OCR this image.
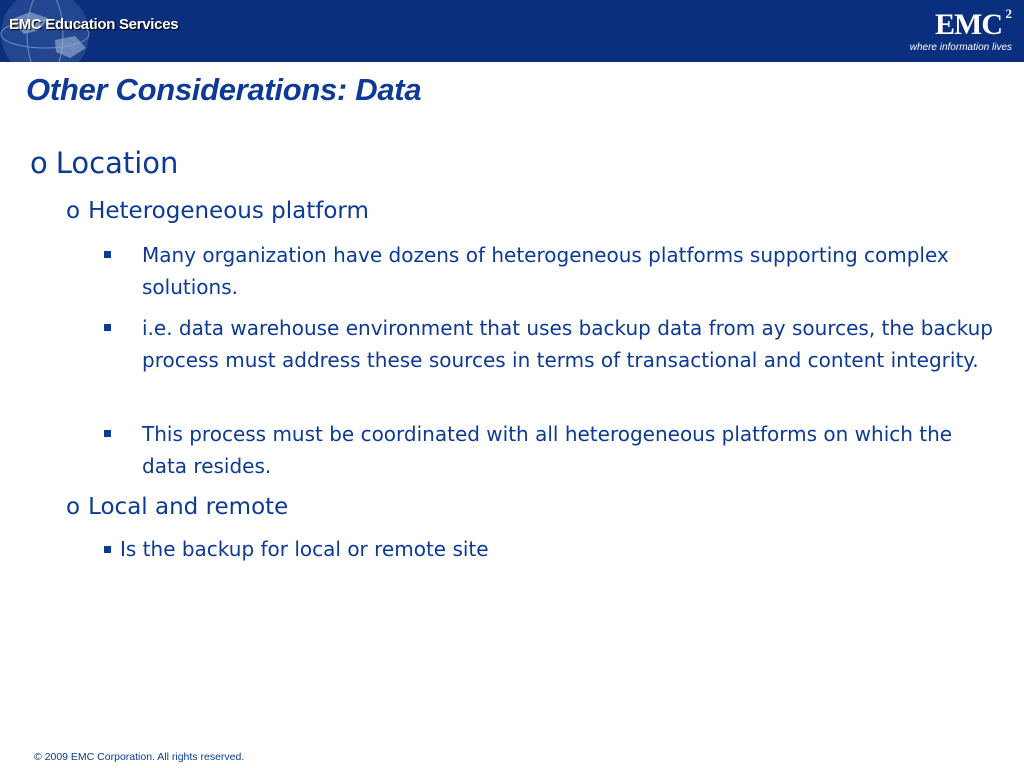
EMC Education Services	EMC 2
where information lives
Other Considerations: Data
o Location
o Heterogeneous platform
Many organization have dozens of heterogeneous platforms supporting complex solutions.
i.e. data warehouse environment that uses backup data from ay sources, the backup process must address these sources in terms of transactional and content integrity.
This process must be coordinated with all heterogeneous platforms on which the data resides.
o Local and remote
Is the backup for local or remote site
© 2009 EMC Corporation. All rights reserved.
